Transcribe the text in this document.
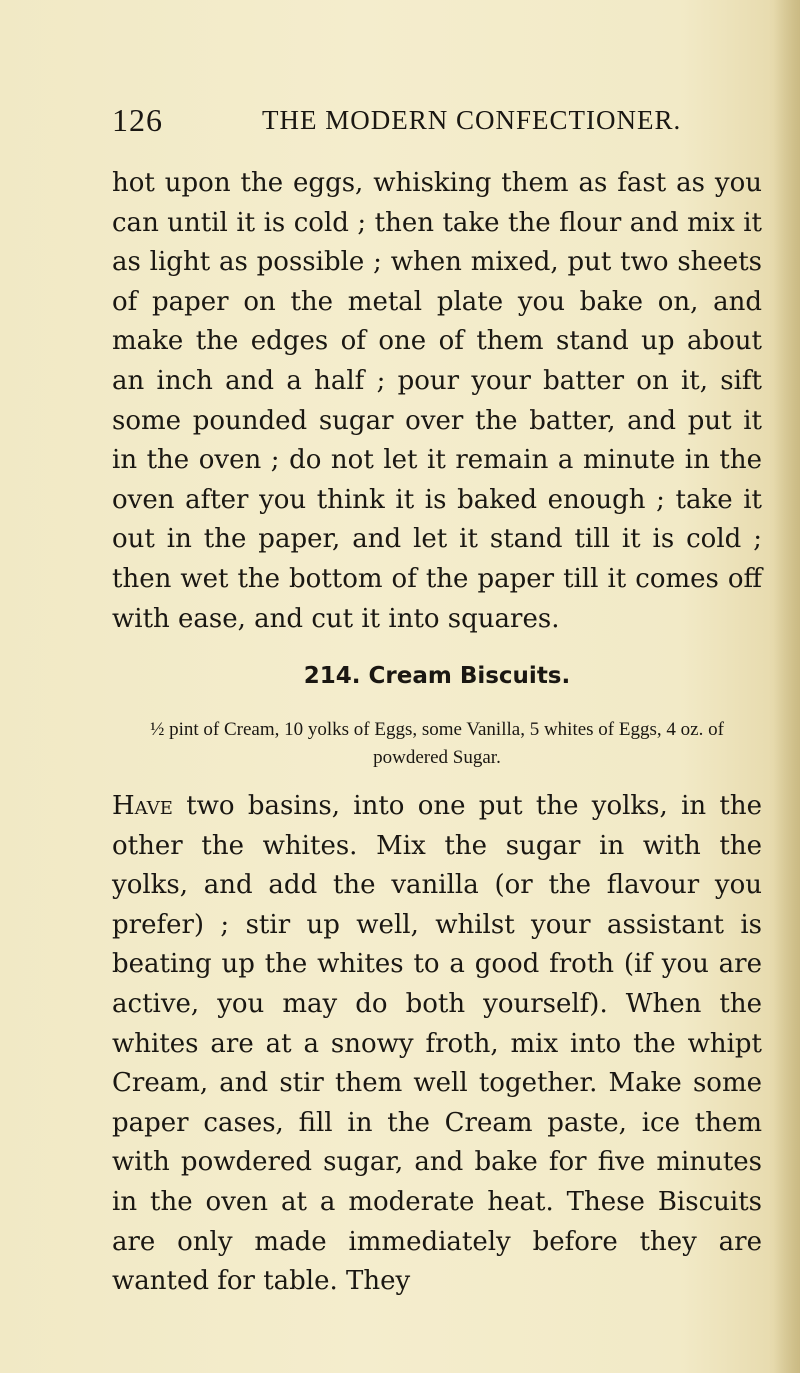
126	THE MODERN CONFECTIONER.

hot upon the eggs, whisking them as fast as you can until it is cold ; then take the flour and mix it as light as possible ; when mixed, put two sheets of paper on the metal plate you bake on, and make the edges of one of them stand up about an inch and a half ; pour your batter on it, sift some pounded sugar over the batter, and put it in the oven ; do not let it remain a minute in the oven after you think it is baked enough ; take it out in the paper, and let it stand till it is cold ; then wet the bottom of the paper till it comes off with ease, and cut it into squares.

214. Cream Biscuits.

½ pint of Cream, 10 yolks of Eggs, some Vanilla, 5 whites of Eggs, 4 oz. of powdered Sugar.

Have two basins, into one put the yolks, in the other the whites. Mix the sugar in with the yolks, and add the vanilla (or the flavour you prefer) ; stir up well, whilst your assistant is beating up the whites to a good froth (if you are active, you may do both yourself). When the whites are at a snowy froth, mix into the whipt Cream, and stir them well together. Make some paper cases, fill in the Cream paste, ice them with powdered sugar, and bake for five minutes in the oven at a moderate heat. These Biscuits are only made immediately before they are wanted for table. They
